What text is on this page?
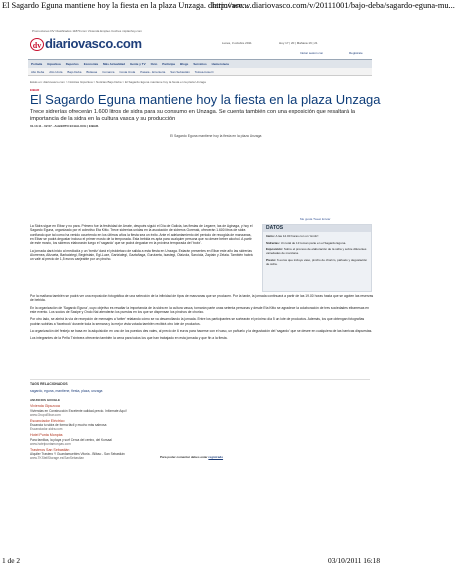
El Sagardo Eguna mantiene hoy la fiesta en la plaza Unzaga. diariovasc...
http://www.diariovasco.com/v/20111001/bajo-deba/sagardo-eguna-mu...
Promociones DV Clasificados 11870.com Vivienda Empleo Coches miplanhoy.com
dv diariovasco.com	Lunes, 3 octubre 2011	Hoy 17 | 20 | Mañana 16 | 21
Iniciar sesión con	Registrate
Portada Gipuzkoa Deportes Economía Más Actualidad Gente y TV Ocio Participa Blogs Servicios Hemeroteca
Alto Deba Alto Urola Bajo Deba Bidasoa Comarca Costa Urola Pasaia - Errenteria San Sebastián Tolosa-Goierri
Estás en: diariovasco.com > Noticias Gipuzkoa > Noticias Bajo Deba > El Sagardo Eguna mantiene hoy la fiesta en la plaza Unzaga
EIBAR
El Sagardo Eguna mantiene hoy la fiesta en la plaza Unzaga
Trece sidrerías ofrecerán 1.600 litros de sidra para su consumo en Unzaga. Se cuenta también con una exposición que resaltará la importancia de la sidra en la cultura vasca y su producción
01.10.11 - 02:07 - ALBERTO ECHALUCE | EIBAR.
El Sagardo Eguna mantiene hoy la fiesta en la plaza Unzaga
Me gusta Tweet Enviar

La Sidra sigue en Eibar y no para. Primero fue la festividad de Arrate, después siguió el Día de Galicia, las fiestas de Legarre, las de Aginaga, y hoy el Sagardo Eguna, organizado por el colectivo Eta Kitto. Trece sidrerías unidas en la asociación de sidreros Gorenak, ofrecerán 1.600 litros de sidra confiando que tal como ha venido ocurriendo en los últimos años la fiesta sea un éxito. Ante el adelantamiento del periodo de recogida de manzanas, en Eibar se podrá degustar incluso el primer mosto de la temporada. Esta bebida es apta para cualquier persona que no desee beber alcohol. A partir de este mosto, los sidreros elaborarán luego el 'sagardo' que se podrá degustar en la próxima temporada del 'txotx'.

La jornada dará inicio al mediodía y un 'txmitz' dará el pistoletazo de salida a esta fiesta en Unzaga. Estarán presentes en Eibar este año las sidrerías Alorrenea, Altzueta, Barkaiztegi, Begiristain, Egi-Luze, Gartzialegi, Gaztañaga, Gurutzeta, Isastegi, Olaizola, Saroiola, Zapiain y Zelaia. También habrá un valé al precio de 1,5 euros canjeable por un pincho.

Por la mañana también se podrá ver una exposición fotográfica de una selección de la infinidad de tipos de manzanas que se producen. Por la tarde, la jornada continuará a partir de las 19.00 horas hasta que se agoten las reservas de bebida.

En la organización de 'Sagardo Eguna', cuyo objetivo es resaltar la importancia de la sidra en la cultura vasca, tomarán parte unas setenta personas y desde Eta Kitto se agradece la colaboración de tres sociedades eibarresas en este evento. Los socios de Sasipe y Ondo Nai atenderán los puestos en los que se dispensan los pinchos de chorizo.

Por otro lado, se abrirá la vía de recepción de mensajes a 'twiter' relatando cómo se va desarrollando la jornada. Entre los participantes se sortearán el próximo día 5 un lote de productos. Además, los que obtengan fotografías podrán subirlas a 'facebook' durante toda la semana y la mejor vista votada también recibirá otro lote de productos.

La organización del festejo se basa en la adquisición en uno de los puestos des vales, al precio de 6 euros para hacerse con el vaso, un pañuelo y la degustación del 'sagardo' que se desee en cualquiera de las barricas dispuestas.

Los integrantes de la Peña Txintxera ofrecerán también la cena para todos los que han trabajado en esta jornada y que fin a la fiesta.

DATOS
Inicio: A las 12.00 horas con un 'txmitz'.
Sidrerías: Un total de 13 toman parte en el Sagardo Eguna.
Exposición: Sobre el proceso de elaboración de la sidra y sobre diferentes variedades de manzana.
Precio: 6 euros que incluye vaso, pincho de chorizo, pañuelo y degustación de sidra.
TAGS RELACIONADOS
sagardo, eguna, mantiene, fiesta, plaza, unzaga
ANUNCIOS GOOGLE
Vivienda Gipuzcoa
Viviendas en Construcción Excelente calidad-precio. Infórmate Aquí!
www.GrupoEibar.com
Escanciador Eléctrico
Escancia tu sidra de forma fácil y mucho más sabrosa
Escanciador-sidra.com
Hotel Punta Monpás
Para familias, la playa y surf Cerca del centro, del Kursaal
www.hotelpuntamonpas.com
Trasteros San Sebastián
Alquiler Trastero Y Guardamuebles Vitoria - Bilbao - San Sebastián
www.TKStellStorage.es/SanSebastian	Para poder comentar debes estar registrado
1 de 2	03/10/2011 16:18
